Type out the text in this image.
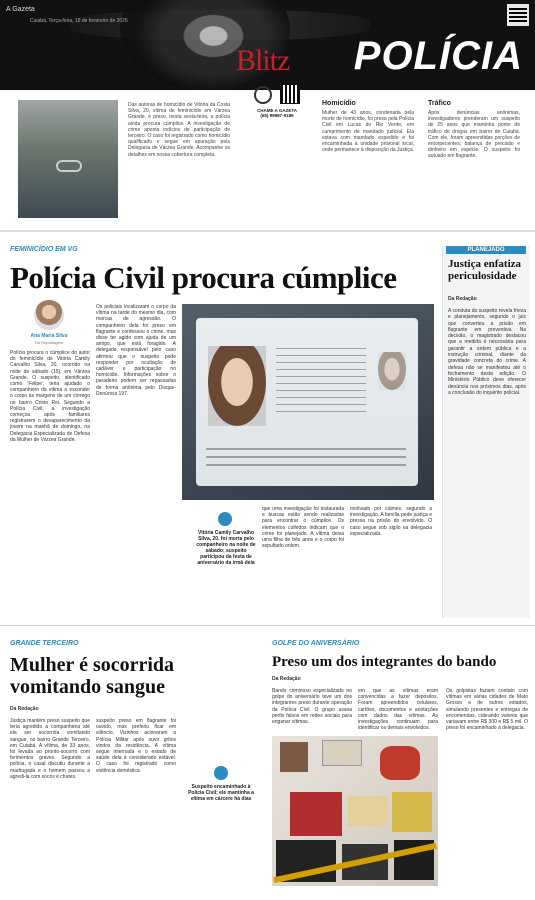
A Gazeta
Cuiabá, Terça-feira, 18 de fevereiro de 2025
POLÍCIA
Das autoras de homicídio de Vitória da Costa Silva, 20, vítima de feminicídio em Várzea Grande, é preso, nesta sexta-feira, a polícia ainda procura cúmplice. A investigação de crime aponta indícios de participação de terceiro. O caso foi registrado como homicídio qualificado e segue em apuração pela Delegacia de Várzea Grande. Acompanhe os detalhes em nossa cobertura completa.
Homicídio
Mulher de 43 anos, condenada pela morte de homicídio, foi presa pela Polícia Civil em Lucas do Rio Verde, em cumprimento de mandado judicial. Ela estava com mandado expedido e foi encaminhada à unidade prisional local, onde permanece à disposição da Justiça.
Tráfico
Após denúncias anônimas, investigadores prenderam um suspeito de 25 anos que mantinha ponto de tráfico de drogas em bairro de Cuiabá. Com ele, foram apreendidas porções de entorpecentes, balança de precisão e dinheiro em espécie. O suspeito foi autuado em flagrante.
Blitz
CHAME A GAZETA
(65) 99987-9186
FEMINICÍDIO EM VG
Polícia Civil procura cúmplice
Ana Maria Silva
Da Reportagem
Polícia procura o cúmplice do autor do feminicídio de Vitória Camily Carvalho Silva, 20, ocorrido na noite de sábado (15), em Várzea Grande. O suspeito, identificado como 'Felipe', teria ajudado o companheiro da vítima a esconder o corpo às margens de um córrego no bairro Cristo Rei. Segundo a Polícia Civil, a investigação começou após familiares registrarem o desaparecimento da jovem na manhã de domingo, na Delegacia Especializada de Defesa da Mulher de Várzea Grande.
Os policiais localizaram o corpo da vítima na tarde do mesmo dia, com marcas de agressão. O companheiro dela foi preso em flagrante e confessou o crime, mas disse ter agido com ajuda de um amigo, que está foragido. A delegada responsável pelo caso afirmou que o suspeito pode responder por ocultação de cadáver e participação no homicídio. Informações sobre o paradeiro podem ser repassadas de forma anônima pelo Disque-Denúncia 197.
Vitória Camily Carvalho Silva, 20, foi morta pelo companheiro na noite de sábado; suspeito participou da festa de aniversário da irmã dela
que uma investigação foi instaurada e buscas estão sendo realizadas para encontrar o cúmplice. Os elementos colhidos indicam que o crime foi planejado. A vítima deixa uma filha de três anos e o corpo foi sepultado ontem.
motivado por ciúmes, segundo a investigação. A família pede justiça e pressa na prisão do envolvido. O caso segue sob sigilo na delegacia especializada.
PLANEJADO
Justiça enfatiza periculosidade
Da Redação
A conduta do suspeito revela frieza e planejamento, segundo o juiz que converteu a prisão em flagrante em preventiva. Na decisão, o magistrado destacou que a medida é necessária para garantir a ordem pública e a instrução criminal, diante da gravidade concreta do crime. A defesa não se manifestou até o fechamento desta edição. O Ministério Público deve oferecer denúncia nos próximos dias, após a conclusão do inquérito policial.
GRANDE TERCEIRO
Mulher é socorrida vomitando sangue
Da Redação
Justiça mantém preso suspeito que teria agredido a companheira até ela ser socorrida vomitando sangue, no bairro Grande Terceiro, em Cuiabá. A vítima, de 33 anos, foi levada ao pronto-socorro com ferimentos graves. Segundo a polícia, o casal discutiu durante a madrugada e o homem passou a agredi-la com socos e chutes.
suspeito preso em flagrante foi ouvido, mas preferiu ficar em silêncio. Vizinhos acionaram a Polícia Militar após ouvir gritos vindos da residência. A vítima segue internada e o estado de saúde dela é considerado estável. O caso foi registrado como violência doméstica.
Suspeito encaminhado à Polícia Civil; ele mantinha a vítima em cárcere há dias
GOLPE DO ANIVERSÁRIO
Preso um dos integrantes do bando
Da Redação
Bando criminoso especializado no golpe do aniversário teve um dos integrantes preso durante operação da Polícia Civil. O grupo usava perfis falsos em redes sociais para enganar vítimas.
em que as vítimas eram convencidas a fazer depósitos. Foram apreendidos celulares, cartões, documentos e anotações com dados das vítimas. As investigações continuam para identificar os demais envolvidos.
Os golpistas faziam contato com vítimas em várias cidades de Mato Grosso e de outros estados, simulando presentes e entregas de encomendas, cobrando valores que variavam entre R$ 300 e R$ 5 mil. O preso foi encaminhado à delegacia.
